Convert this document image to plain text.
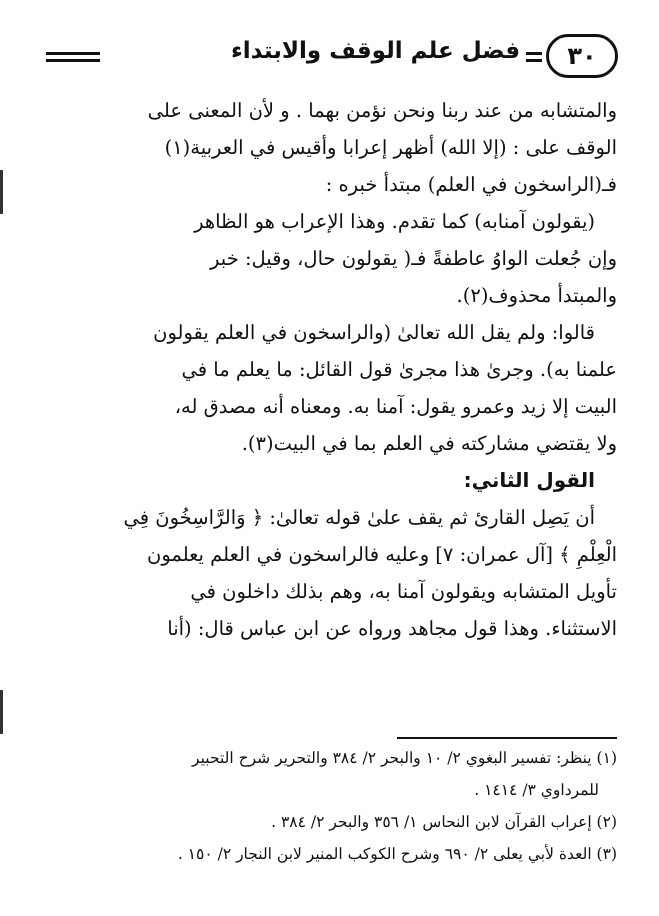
٣٠
فضل علم الوقف والابتداء

والمتشابه من عند ربنا ونحن نؤمن بهما . و لأن المعنى على

الوقف على : (إلا الله) أظهر إعرابا وأقيس في العربية(١)

فـ(الراسخون في العلم) مبتدأ خبره :

(يقولون آمنابه) كما تقدم. وهذا الإعراب هو الظاهر

وإن جُعلت الواوُ عاطفةً فـ( يقولون حال، وقيل: خبر

والمبتدأ محذوف(٢).

قالوا: ولم يقل الله تعالىٰ (والراسخون في العلم يقولون

علمنا به). وجرىٰ هذا مجرىٰ قول القائل: ما يعلم ما في

البيت إلا زيد وعمرو يقول: آمنا به. ومعناه أنه مصدق له،

ولا يقتضي مشاركته في العلم بما في البيت(٣).

القول الثاني:

أن يَصِل القارئ ثم يقف علىٰ قوله تعالىٰ: ﴿ وَالرَّاسِخُونَ فِي

الْعِلْمِ ﴾ [آل عمران: ٧] وعليه فالراسخون في العلم يعلمون

تأويل المتشابه ويقولون آمنا به، وهم بذلك داخلون في

الاستثناء. وهذا قول مجاهد ورواه عن ابن عباس قال: (أنا

(١) ينظر: تفسير البغوي ٢/ ١٠ والبحر ٢/ ٣٨٤ والتحرير شرح التحبير

للمرداوي ٣/ ١٤١٤ .

(٢) إعراب القرآن لابن النحاس ١/ ٣٥٦ والبحر ٢/ ٣٨٤ .

(٣) العدة لأبي يعلى ٢/ ٦٩٠ وشرح الكوكب المنير لابن النجار ٢/ ١٥٠ .
